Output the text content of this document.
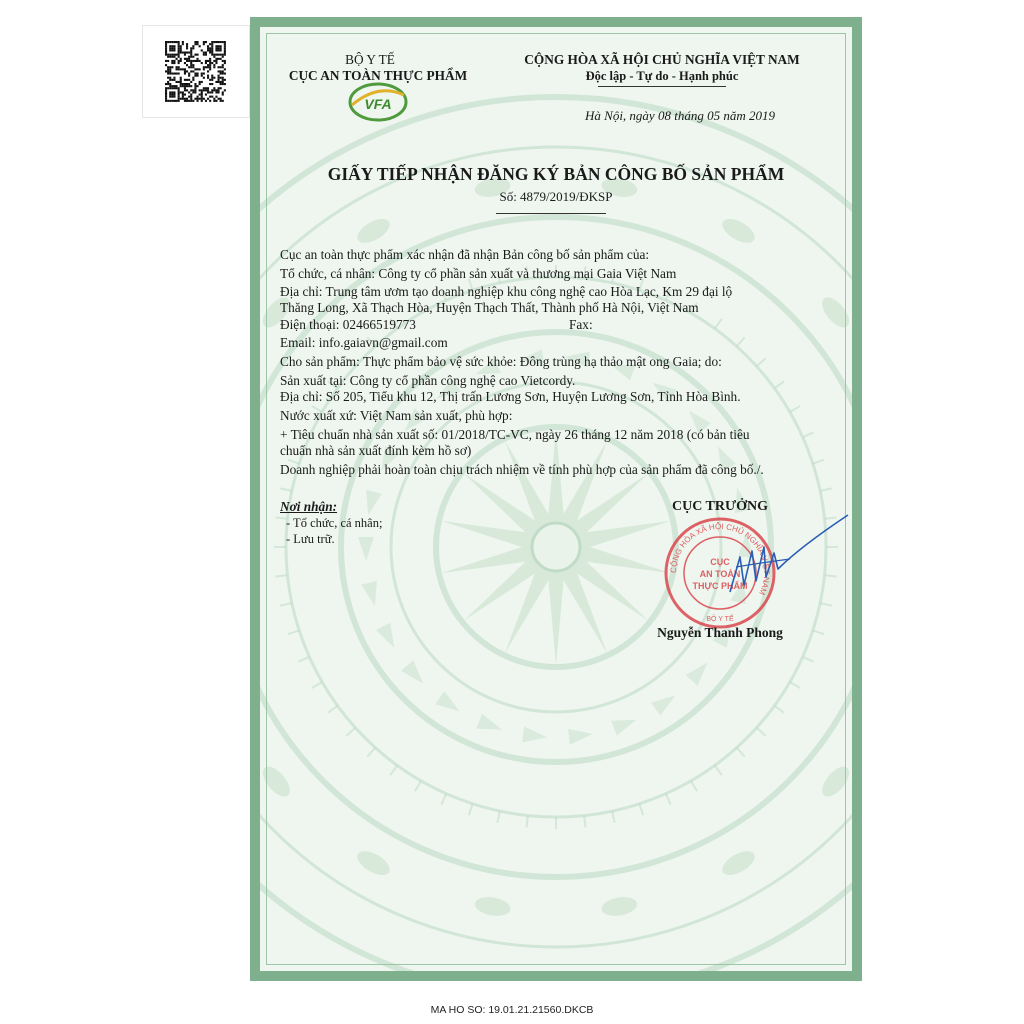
BỘ Y TẾ
CỤC AN TOÀN THỰC PHẨM
VFA
CỘNG HÒA XÃ HỘI CHỦ NGHĨA VIỆT NAM
Độc lập - Tự do - Hạnh phúc
Hà Nội, ngày 08 tháng 05 năm 2019
GIẤY TIẾP NHẬN ĐĂNG KÝ BẢN CÔNG BỐ SẢN PHẨM
Số: 4879/2019/ĐKSP
Cục an toàn thực phẩm xác nhận đã nhận Bản công bố sản phẩm của:
Tổ chức, cá nhân: Công ty cổ phần sản xuất và thương mại Gaia Việt Nam
Địa chỉ: Trung tâm ươm tạo doanh nghiệp khu công nghệ cao Hòa Lạc, Km 29 đại lộ
Thăng Long, Xã Thạch Hòa, Huyện Thạch Thất, Thành phố Hà Nội, Việt Nam
Điện thoại: 02466519773	Fax:
Email: info.gaiavn@gmail.com
Cho sản phẩm: Thực phẩm bảo vệ sức khỏe: Đông trùng hạ thảo mật ong Gaia; do:
Sản xuất tại: Công ty cổ phần công nghệ cao Vietcordy.
Địa chỉ: Số 205, Tiểu khu 12, Thị trấn Lương Sơn, Huyện Lương Sơn, Tỉnh Hòa Bình.
Nước xuất xứ: Việt Nam sản xuất, phù hợp:
+ Tiêu chuẩn nhà sản xuất số: 01/2018/TC-VC, ngày 26 tháng 12 năm 2018 (có bản tiêu
chuẩn nhà sản xuất đính kèm hồ sơ)
Doanh nghiệp phải hoàn toàn chịu trách nhiệm về tính phù hợp của sản phẩm đã công bố./.
Nơi nhận:
- Tổ chức, cá nhân;
- Lưu trữ.
CỤC TRƯỞNG
CỘNG HÒA XÃ HỘI CHỦ NGHĨA VIỆT NAM
CỤC
AN TOÀN
THỰC PHẨM
BỘ Y TẾ
Nguyễn Thanh Phong
MA HO SO: 19.01.21.21560.DKCB
